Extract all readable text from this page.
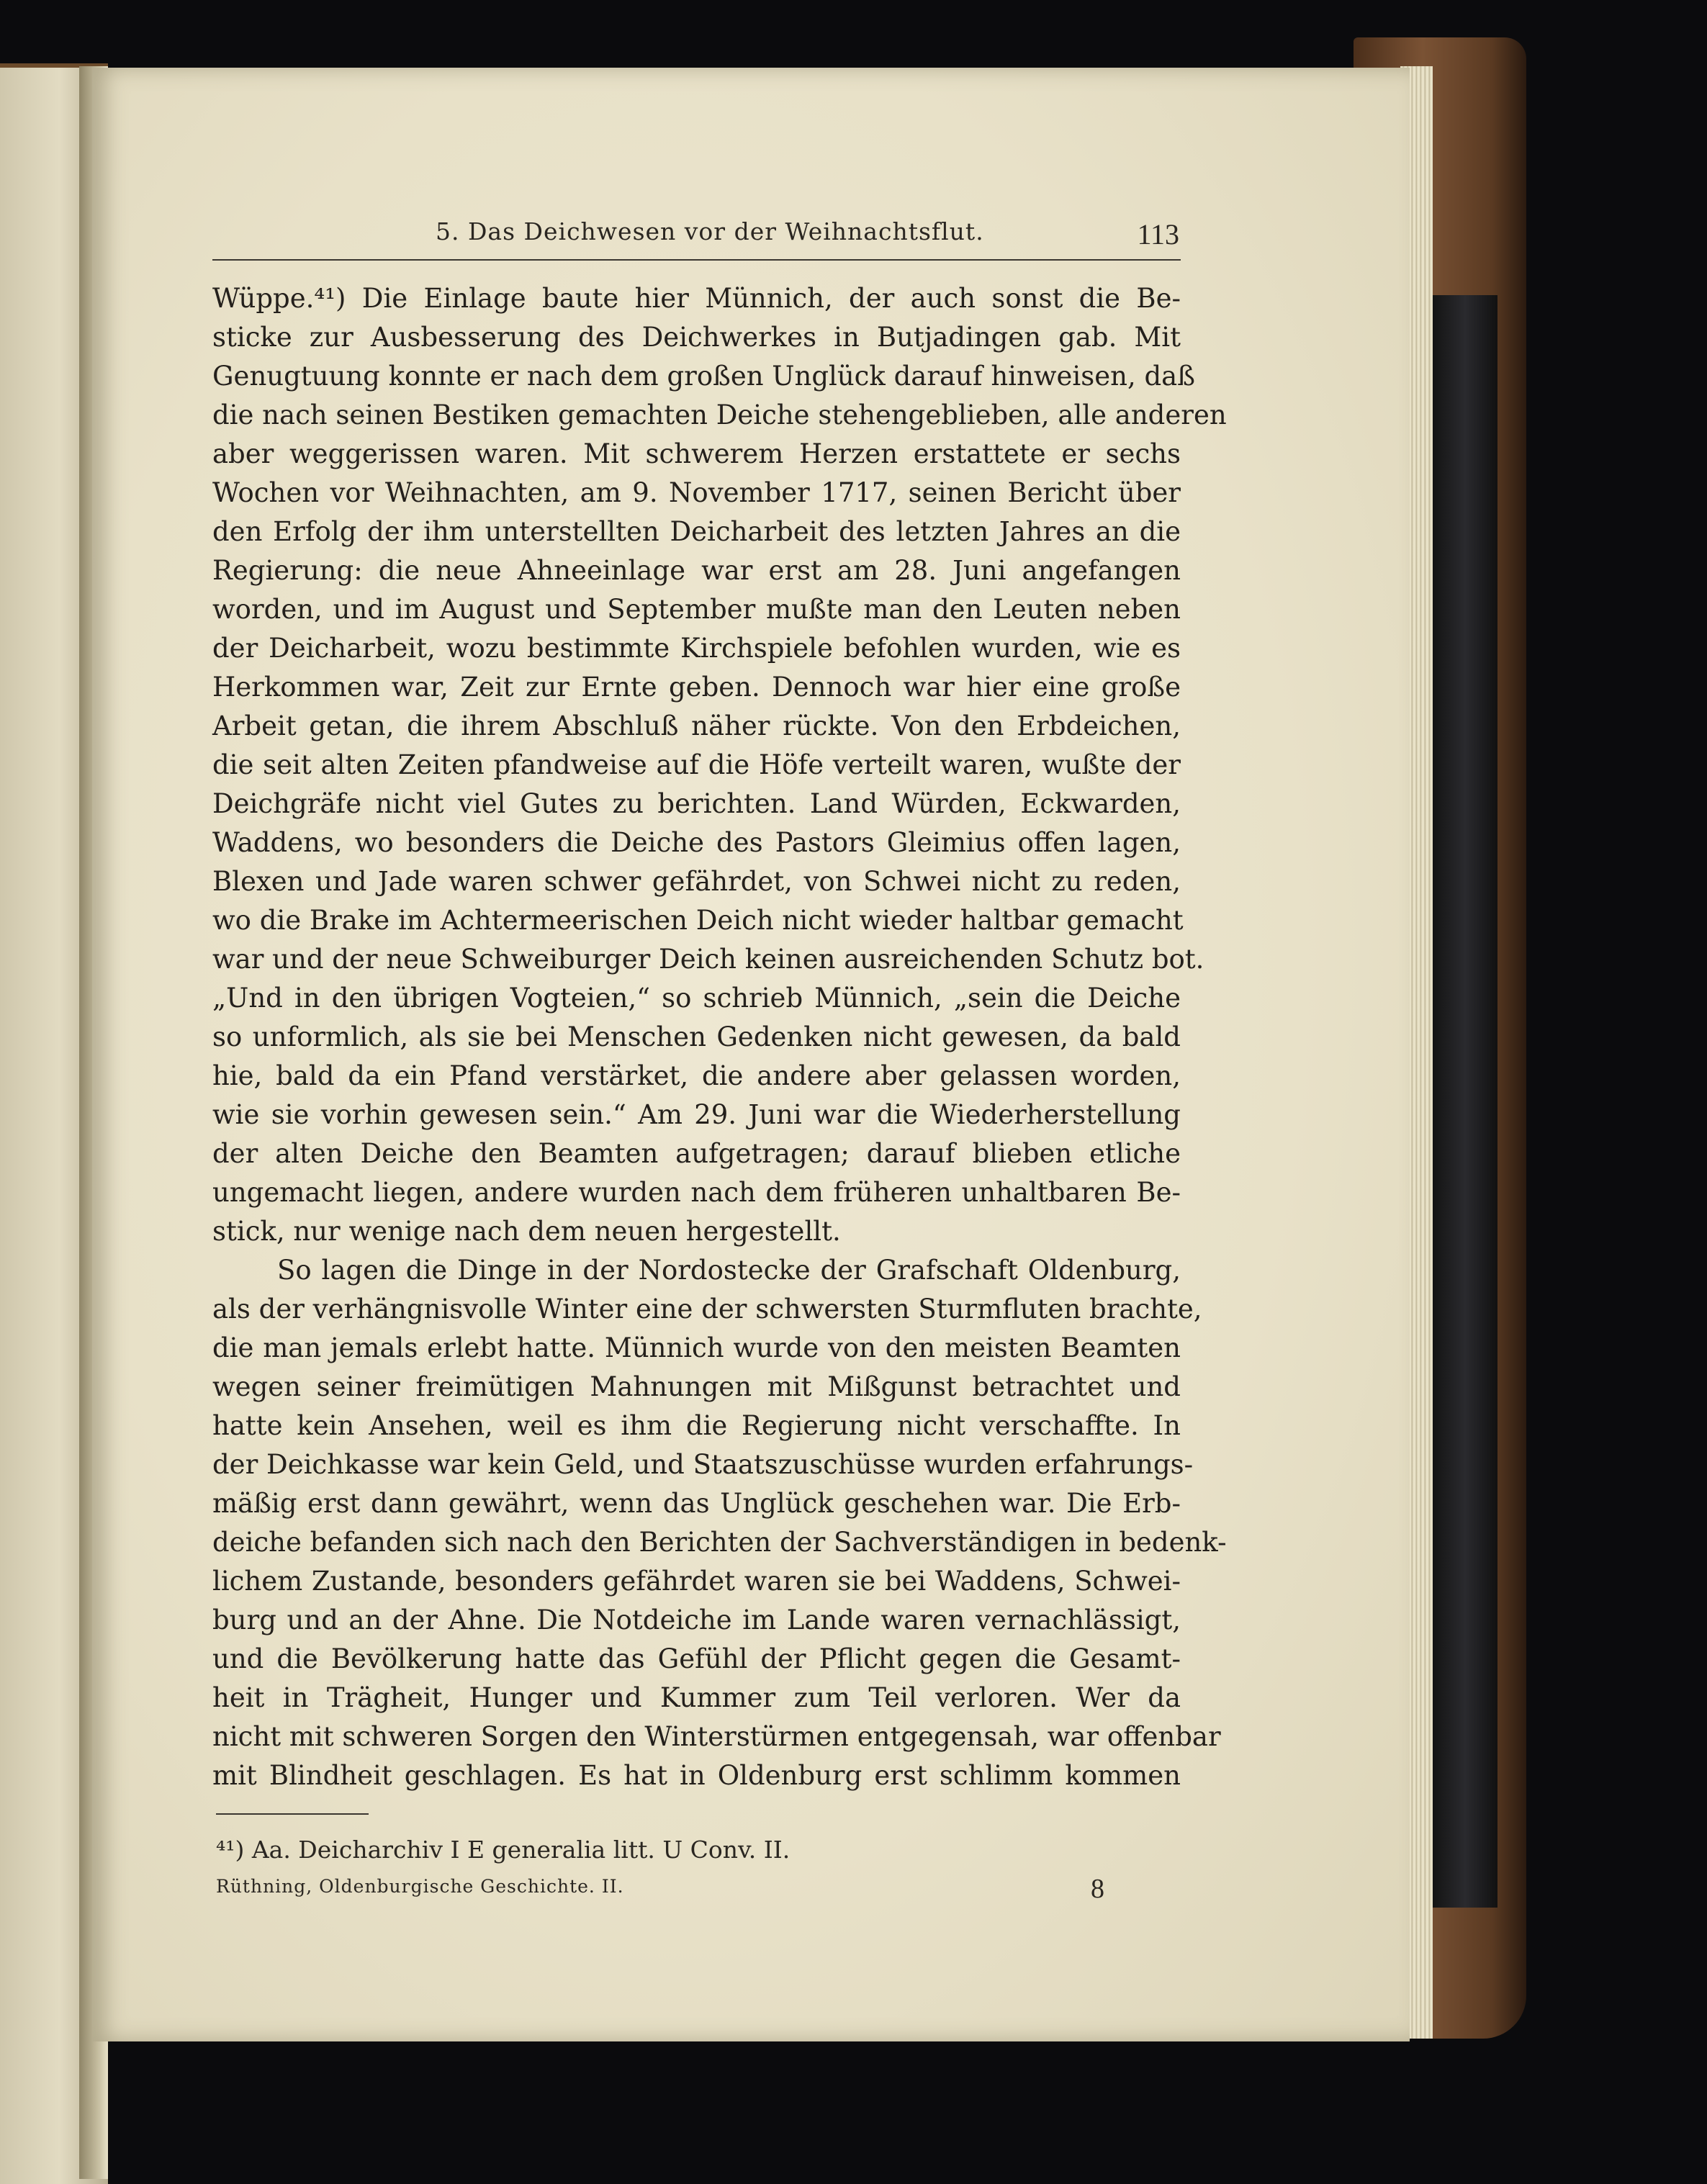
5. Das Deichwesen vor der Weihnachtsflut.	113
Wüppe.⁴¹) Die Einlage baute hier Münnich, der auch sonst die Be-
sticke zur Ausbesserung des Deichwerkes in Butjadingen gab. Mit
Genugtuung konnte er nach dem großen Unglück darauf hinweisen, daß
die nach seinen Bestiken gemachten Deiche stehengeblieben, alle anderen
aber weggerissen waren. Mit schwerem Herzen erstattete er sechs
Wochen vor Weihnachten, am 9. November 1717, seinen Bericht über
den Erfolg der ihm unterstellten Deicharbeit des letzten Jahres an die
Regierung: die neue Ahneeinlage war erst am 28. Juni angefangen
worden, und im August und September mußte man den Leuten neben
der Deicharbeit, wozu bestimmte Kirchspiele befohlen wurden, wie es
Herkommen war, Zeit zur Ernte geben. Dennoch war hier eine große
Arbeit getan, die ihrem Abschluß näher rückte. Von den Erbdeichen,
die seit alten Zeiten pfandweise auf die Höfe verteilt waren, wußte der
Deichgräfe nicht viel Gutes zu berichten. Land Würden, Eckwarden,
Waddens, wo besonders die Deiche des Pastors Gleimius offen lagen,
Blexen und Jade waren schwer gefährdet, von Schwei nicht zu reden,
wo die Brake im Achtermeerischen Deich nicht wieder haltbar gemacht
war und der neue Schweiburger Deich keinen ausreichenden Schutz bot.
„Und in den übrigen Vogteien,“ so schrieb Münnich, „sein die Deiche
so unformlich, als sie bei Menschen Gedenken nicht gewesen, da bald
hie, bald da ein Pfand verstärket, die andere aber gelassen worden,
wie sie vorhin gewesen sein.“ Am 29. Juni war die Wiederherstellung
der alten Deiche den Beamten aufgetragen; darauf blieben etliche
ungemacht liegen, andere wurden nach dem früheren unhaltbaren Be-
stick, nur wenige nach dem neuen hergestellt.
So lagen die Dinge in der Nordostecke der Grafschaft Oldenburg,
als der verhängnisvolle Winter eine der schwersten Sturmfluten brachte,
die man jemals erlebt hatte. Münnich wurde von den meisten Beamten
wegen seiner freimütigen Mahnungen mit Mißgunst betrachtet und
hatte kein Ansehen, weil es ihm die Regierung nicht verschaffte. In
der Deichkasse war kein Geld, und Staatszuschüsse wurden erfahrungs-
mäßig erst dann gewährt, wenn das Unglück geschehen war. Die Erb-
deiche befanden sich nach den Berichten der Sachverständigen in bedenk-
lichem Zustande, besonders gefährdet waren sie bei Waddens, Schwei-
burg und an der Ahne. Die Notdeiche im Lande waren vernachlässigt,
und die Bevölkerung hatte das Gefühl der Pflicht gegen die Gesamt-
heit in Trägheit, Hunger und Kummer zum Teil verloren. Wer da
nicht mit schweren Sorgen den Winterstürmen entgegensah, war offenbar
mit Blindheit geschlagen. Es hat in Oldenburg erst schlimm kommen
⁴¹) Aa. Deicharchiv I E generalia litt. U Conv. II.
Rüthning, Oldenburgische Geschichte. II.	8
